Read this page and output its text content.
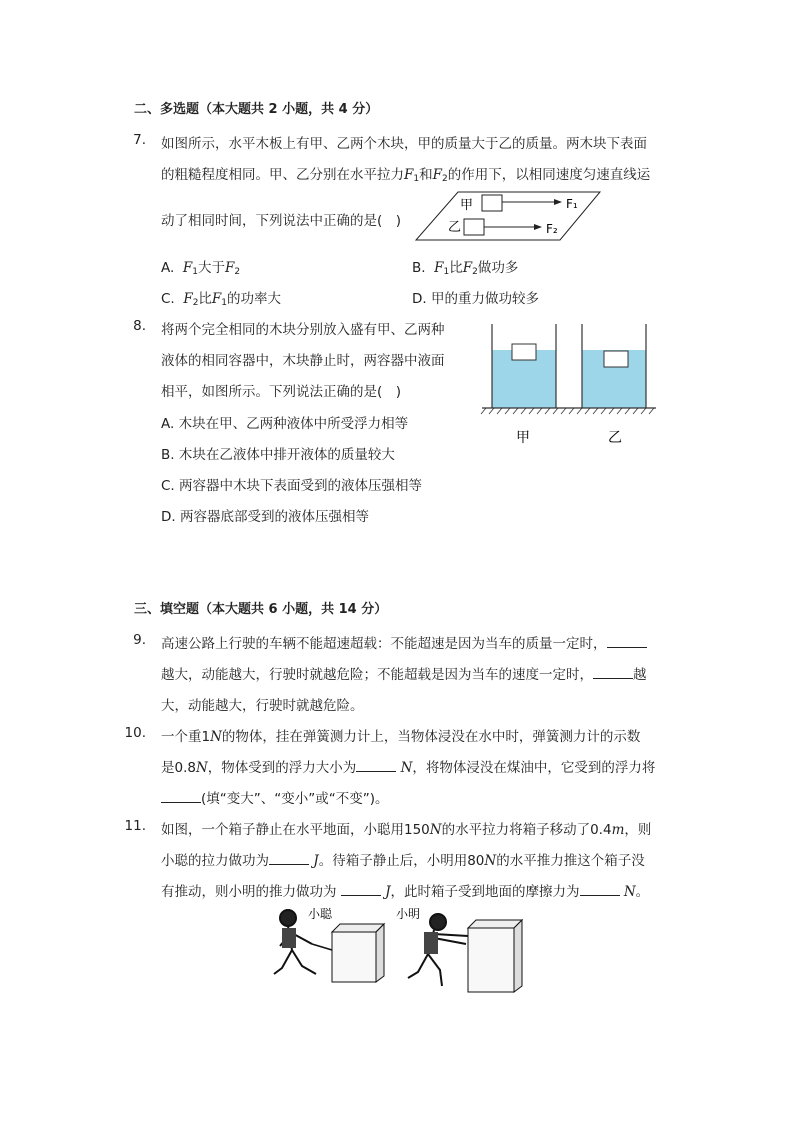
二、多选题（本大题共 2 小题，共 4 分）
7. 如图所示，水平木板上有甲、乙两个木块，甲的质量大于乙的质量。两木块下表面
的粗糙程度相同。甲、乙分别在水平拉力$F_1$和$F_2$的作用下，以相同速度匀速直线运
动了相同时间，下列说法中正确的是(　)
甲	F₁
乙	F₂
A. $F_1$大于$F_2$	B. $F_1$比$F_2$做功多
C. $F_2$比$F_1$的功率大	D. 甲的重力做功较多
8. 将两个完全相同的木块分别放入盛有甲、乙两种
液体的相同容器中，木块静止时，两容器中液面
相平，如图所示。下列说法正确的是(　)
A. 木块在甲、乙两种液体中所受浮力相等
B. 木块在乙液体中排开液体的质量较大
C. 两容器中木块下表面受到的液体压强相等
D. 两容器底部受到的液体压强相等
甲	乙
三、填空题（本大题共 6 小题，共 14 分）
9. 高速公路上行驶的车辆不能超速超载：不能超速是因为当车的质量一定时，
越大，动能越大，行驶时就越危险；不能超载是因为当车的速度一定时，	越
大，动能越大，行驶时就越危险。
10. 一个重1N的物体，挂在弹簧测力计上，当物体浸没在水中时，弹簧测力计的示数
是0.8N，物体受到的浮力大小为	N，将物体浸没在煤油中，它受到的浮力将
(填“变大”、“变小”或“不变”)。
11. 如图，一个箱子静止在水平地面，小聪用150N的水平拉力将箱子移动了0.4m，则
小聪的拉力做功为	J。待箱子静止后，小明用80N的水平推力推这个箱子没
有推动，则小明的推力做功为	J，此时箱子受到地面的摩擦力为	N。
小聪	小明
